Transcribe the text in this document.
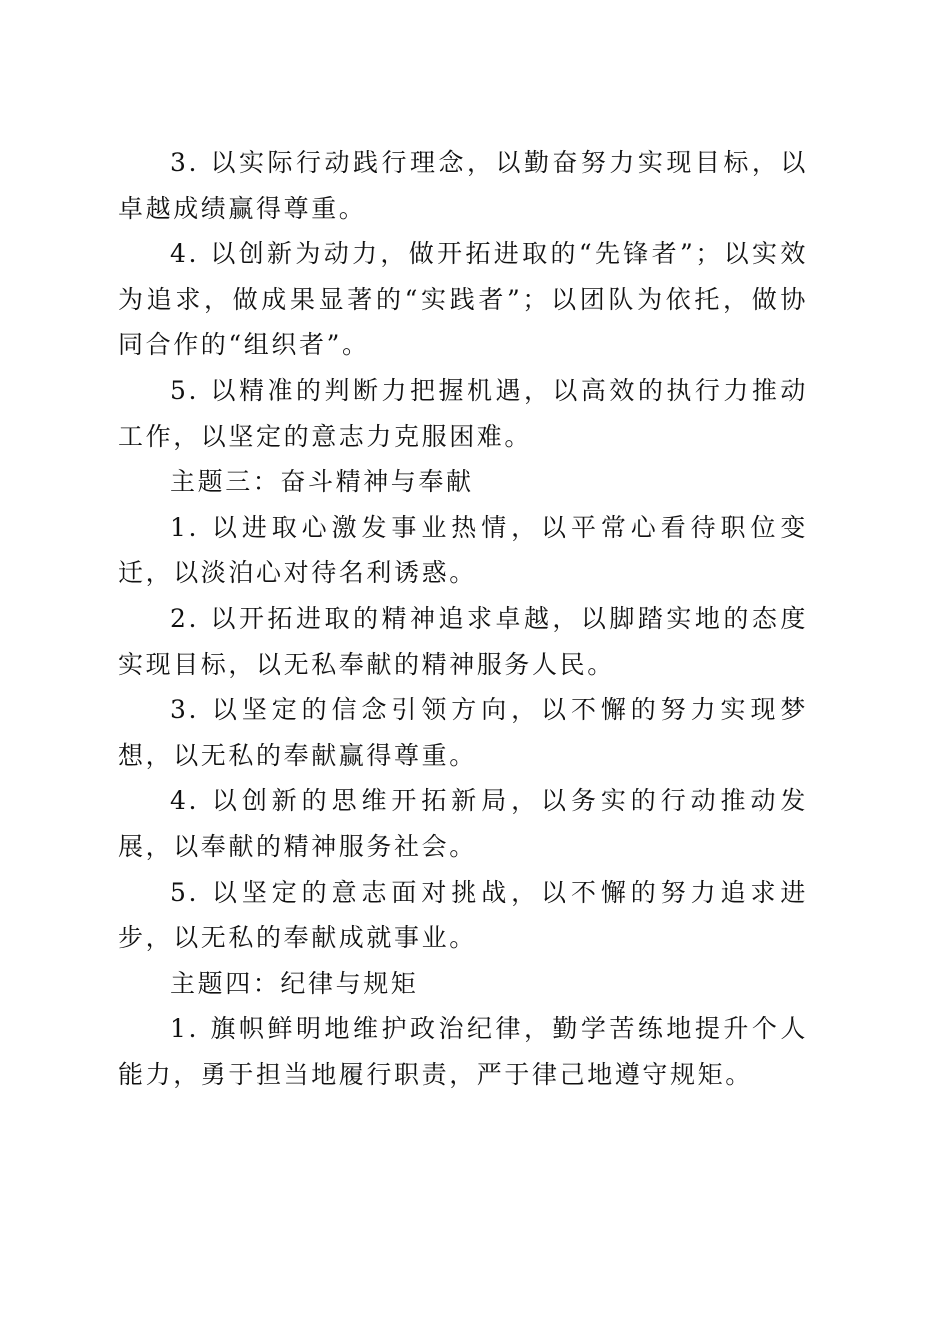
3. 以实际行动践行理念，以勤奋努力实现目标，以卓越成绩赢得尊重。

4. 以创新为动力，做开拓进取的“先锋者”；以实效为追求，做成果显著的“实践者”；以团队为依托，做协同合作的“组织者”。

5. 以精准的判断力把握机遇，以高效的执行力推动工作，以坚定的意志力克服困难。

主题三：奋斗精神与奉献

1. 以进取心激发事业热情，以平常心看待职位变迁，以淡泊心对待名利诱惑。

2. 以开拓进取的精神追求卓越，以脚踏实地的态度实现目标，以无私奉献的精神服务人民。

3. 以坚定的信念引领方向，以不懈的努力实现梦想，以无私的奉献赢得尊重。

4. 以创新的思维开拓新局，以务实的行动推动发展，以奉献的精神服务社会。

5. 以坚定的意志面对挑战，以不懈的努力追求进步，以无私的奉献成就事业。

主题四：纪律与规矩

1. 旗帜鲜明地维护政治纪律，勤学苦练地提升个人能力，勇于担当地履行职责，严于律己地遵守规矩。
